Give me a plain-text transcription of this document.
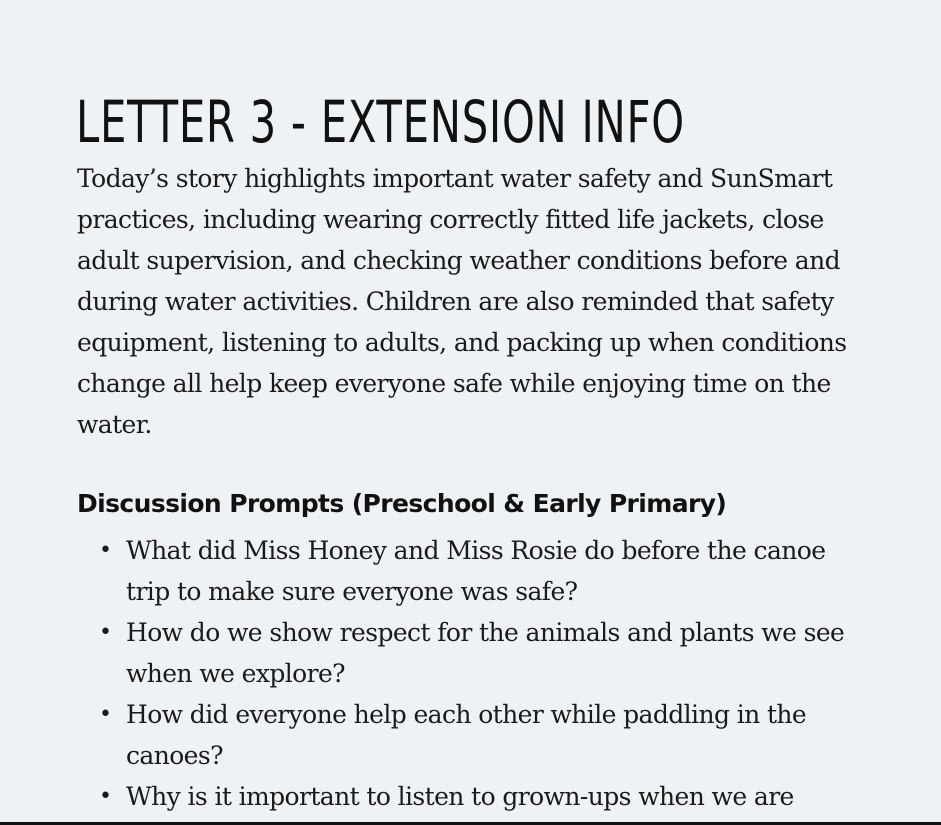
LETTER 3 - EXTENSION INFO

Today’s story highlights important water safety and SunSmart practices, including wearing correctly fitted life jackets, close adult supervision, and checking weather conditions before and during water activities. Children are also reminded that safety equipment, listening to adults, and packing up when conditions change all help keep everyone safe while enjoying time on the water.

Discussion Prompts (Preschool & Early Primary)
• What did Miss Honey and Miss Rosie do before the canoe trip to make sure everyone was safe?
• How do we show respect for the animals and plants we see when we explore?
• How did everyone help each other while paddling in the canoes?
• Why is it important to listen to grown-ups when we are
